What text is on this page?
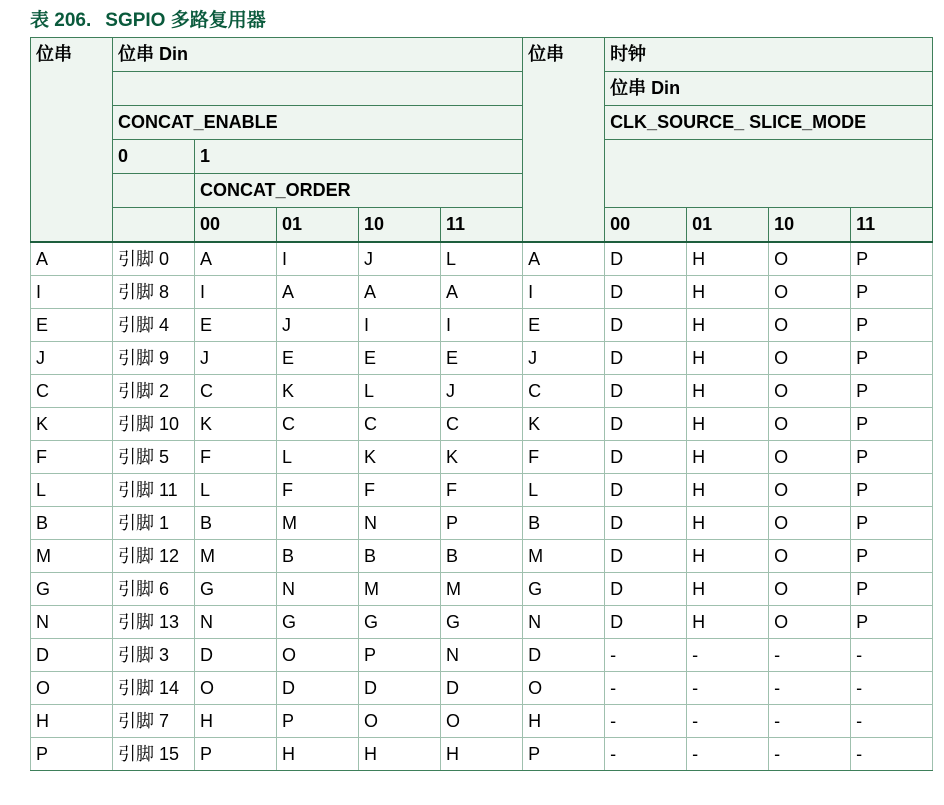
表 206. SGPIO 多路复用器
位串	位串 Din					位串	时钟			
							位串 Din			
	CONCAT_ENABLE						CLK_SOURCE_ SLICE_MODE			
	0	1								
		CONCAT_ORDER								
		00	01	10	11		00	01	10	11
A	引脚 0	A	I	J	L	A	D	H	O	P
I	引脚 8	I	A	A	A	I	D	H	O	P
E	引脚 4	E	J	I	I	E	D	H	O	P
J	引脚 9	J	E	E	E	J	D	H	O	P
C	引脚 2	C	K	L	J	C	D	H	O	P
K	引脚 10	K	C	C	C	K	D	H	O	P
F	引脚 5	F	L	K	K	F	D	H	O	P
L	引脚 11	L	F	F	F	L	D	H	O	P
B	引脚 1	B	M	N	P	B	D	H	O	P
M	引脚 12	M	B	B	B	M	D	H	O	P
G	引脚 6	G	N	M	M	G	D	H	O	P
N	引脚 13	N	G	G	G	N	D	H	O	P
D	引脚 3	D	O	P	N	D	-	-	-	-
O	引脚 14	O	D	D	D	O	-	-	-	-
H	引脚 7	H	P	O	O	H	-	-	-	-
P	引脚 15	P	H	H	H	P	-	-	-	-
